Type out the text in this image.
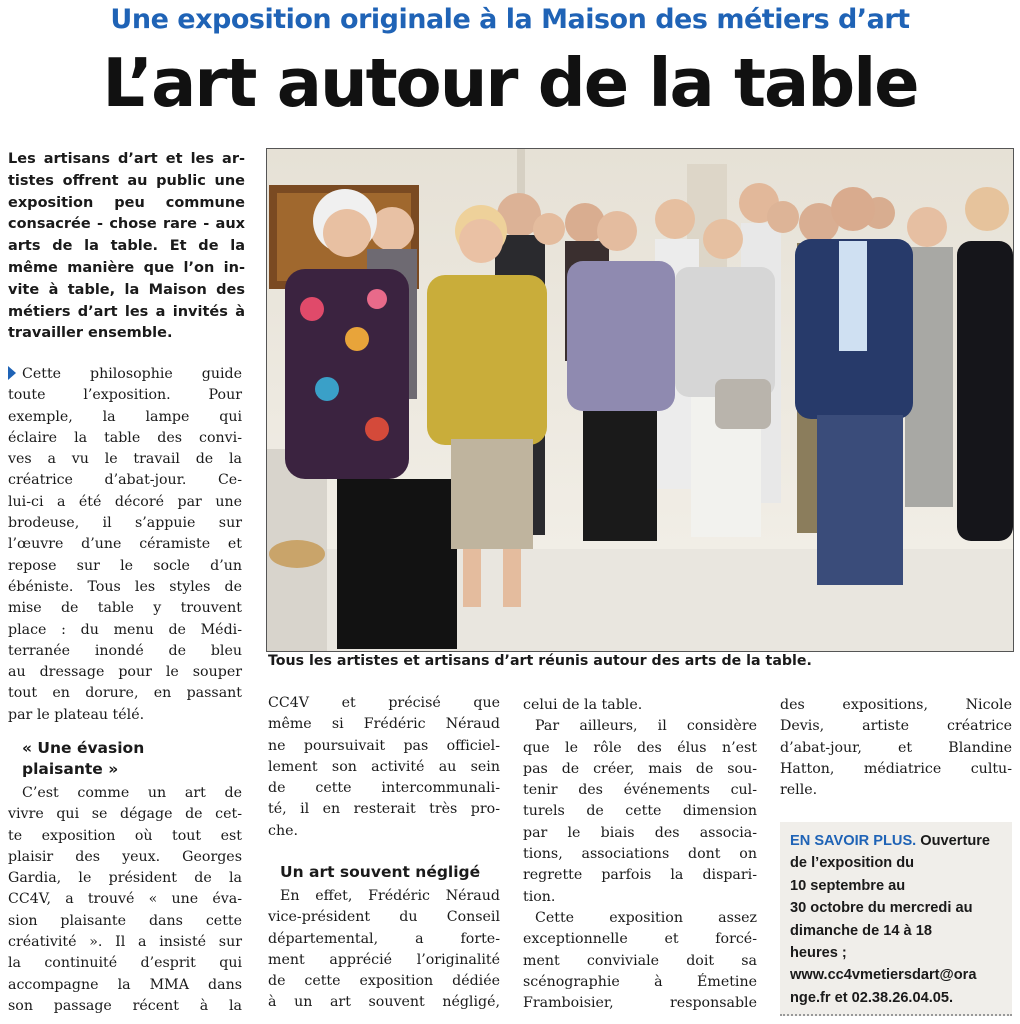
Une exposition originale à la Maison des métiers d’art
L’art autour de la table
Les artisans d’art et les ar-
tistes offrent au public une
exposition peu commune
consacrée - chose rare - aux
arts de la table. Et de la
même manière que l’on in-
vite à table, la Maison des
métiers d’art les a invités à
travailler ensemble.
Cette philosophie guide
toute l’exposition. Pour
exemple, la lampe qui
éclaire la table des convi-
ves a vu le travail de la
créatrice d’abat-jour. Ce-
lui-ci a été décoré par une
brodeuse, il s’appuie sur
l’œuvre d’une céramiste et
repose sur le socle d’un
ébéniste. Tous les styles de
mise de table y trouvent
place : du menu de Médi-
terranée inondé de bleu
au dressage pour le souper
tout en dorure, en passant
par le plateau télé.
« Une évasion
plaisante »
C’est comme un art de
vivre qui se dégage de cet-
te exposition où tout est
plaisir des yeux. Georges
Gardia, le président de la
CC4V, a trouvé « une éva-
sion plaisante dans cette
créativité ». Il a insisté sur
la continuité d’esprit qui
accompagne la MMA dans
son passage récent à la
Tous les artistes et artisans d’art réunis autour des arts de la table.
CC4V et précisé que
même si Frédéric Néraud
ne poursuivait pas officiel-
lement son activité au sein
de cette intercommunali-
té, il en resterait très pro-
che.
Un art souvent négligé
En effet, Frédéric Néraud
vice-président du Conseil
départemental, a forte-
ment apprécié l’originalité
de cette exposition dédiée
à un art souvent négligé,
celui de la table.
Par ailleurs, il considère
que le rôle des élus n’est
pas de créer, mais de sou-
tenir des événements cul-
turels de cette dimension
par le biais des associa-
tions, associations dont on
regrette parfois la dispari-
tion.
Cette exposition assez
exceptionnelle et forcé-
ment conviviale doit sa
scénographie à Émetine
Framboisier, responsable
des expositions, Nicole
Devis, artiste créatrice
d’abat-jour, et Blandine
Hatton, médiatrice cultu-
relle.
EN SAVOIR PLUS. Ouverture
de l’exposition du
10 septembre au
30 octobre du mercredi au
dimanche de 14 à 18
heures ;
www.cc4vmetiersdart@ora
nge.fr et 02.38.26.04.05.
